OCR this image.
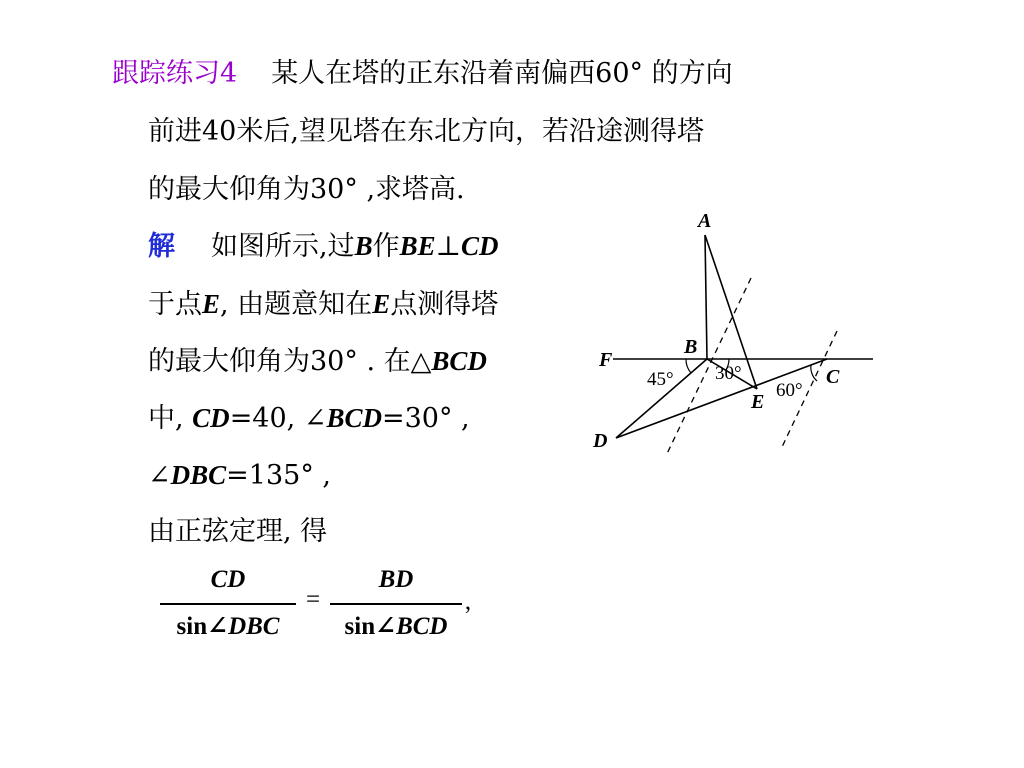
跟踪练习4 某人在塔的正东沿着南偏西60° 的方向
前进40米后,望见塔在东北方向，若沿途测得塔
的最大仰角为30° ,求塔高.
解 如图所示,过B作BE⊥CD
于点E, 由题意知在E点测得塔
的最大仰角为30° . 在△BCD
中, CD=40, ∠BCD=30° ,
∠DBC=135° ,
由正弦定理, 得
CD
sin∠DBC
=
BD
sin∠BCD
,
A
B
C
D
E
F
45° 30°
60°
